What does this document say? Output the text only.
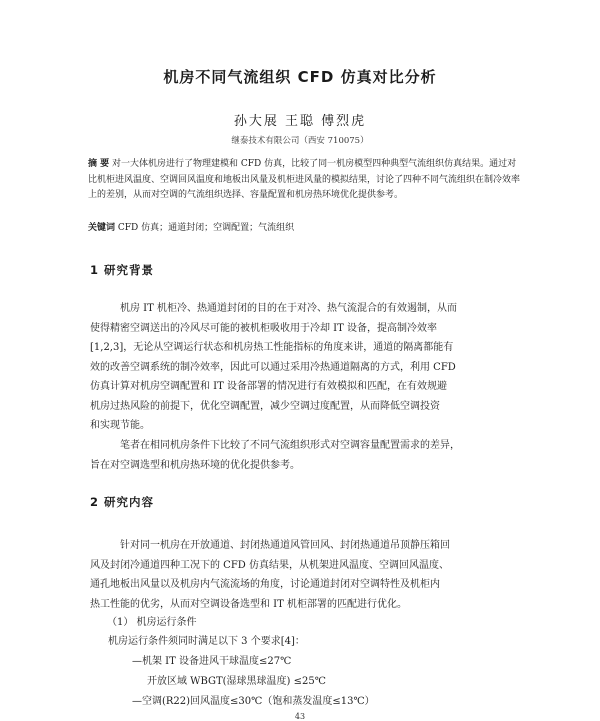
机房不同气流组织 CFD 仿真对比分析
孙大展 王聪 傅烈虎
继泰技术有限公司（西安 710075）
摘 要 对一大体机房进行了物理建模和 CFD 仿真，比较了同一机房模型四种典型气流组织仿真结果。通过对比机柜进风温度、空调回风温度和地板出风量及机柜进风量的模拟结果，讨论了四种不同气流组织在制冷效率上的差别，从而对空调的气流组织选择、容量配置和机房热环境优化提供参考。
关键词 CFD 仿真；通道封闭；空调配置；气流组织
1 研究背景
机房 IT 机柜冷、热通道封闭的目的在于对冷、热气流混合的有效遏制，从而
使得精密空调送出的冷风尽可能的被机柜吸收用于冷却 IT 设备，提高制冷效率
[1,2,3]，无论从空调运行状态和机房热工性能指标的角度来讲，通道的隔离都能有
效的改善空调系统的制冷效率，因此可以通过采用冷热通道隔离的方式，利用 CFD
仿真计算对机房空调配置和 IT 设备部署的情况进行有效模拟和匹配，在有效规避
机房过热风险的前提下，优化空调配置，减少空调过度配置，从而降低空调投资
和实现节能。
笔者在相同机房条件下比较了不同气流组织形式对空调容量配置需求的差异，
旨在对空调选型和机房热环境的优化提供参考。
2 研究内容
针对同一机房在开放通道、封闭热通道风管回风、封闭热通道吊顶静压箱回
风及封闭冷通道四种工况下的 CFD 仿真结果，从机架进风温度、空调回风温度、
通孔地板出风量以及机房内气流流场的角度，讨论通道封闭对空调特性及机柜内
热工性能的优劣，从而对空调设备选型和 IT 机柜部署的匹配进行优化。
（1） 机房运行条件
机房运行条件须同时满足以下 3 个要求[4]：
—机架 IT 设备进风干球温度≤27℃
开放区域 WBGT(湿球黑球温度) ≤25℃
—空调(R22)回风温度≤30℃（饱和蒸发温度≤13℃）
43
